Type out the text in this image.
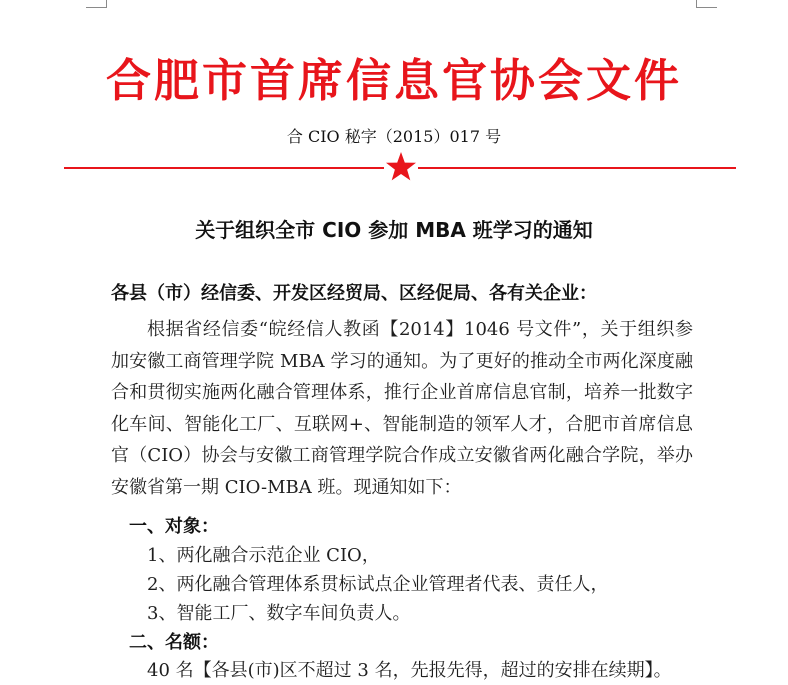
合肥市首席信息官协会文件
合 CIO 秘字（2015）017 号
关于组织全市 CIO 参加 MBA 班学习的通知
各县（市）经信委、开发区经贸局、区经促局、各有关企业：
根据省经信委“皖经信人教函【2014】1046 号文件”，关于组织参加安徽工商管理学院 MBA 学习的通知。为了更好的推动全市两化深度融合和贯彻实施两化融合管理体系，推行企业首席信息官制，培养一批数字化车间、智能化工厂、互联网+、智能制造的领军人才，合肥市首席信息官（CIO）协会与安徽工商管理学院合作成立安徽省两化融合学院，举办安徽省第一期 CIO-MBA 班。现通知如下：
一、对象：
1、两化融合示范企业 CIO，
2、两化融合管理体系贯标试点企业管理者代表、责任人，
3、智能工厂、数字车间负责人。
二、名额：
40 名【各县(市)区不超过 3 名，先报先得，超过的安排在续期】。
